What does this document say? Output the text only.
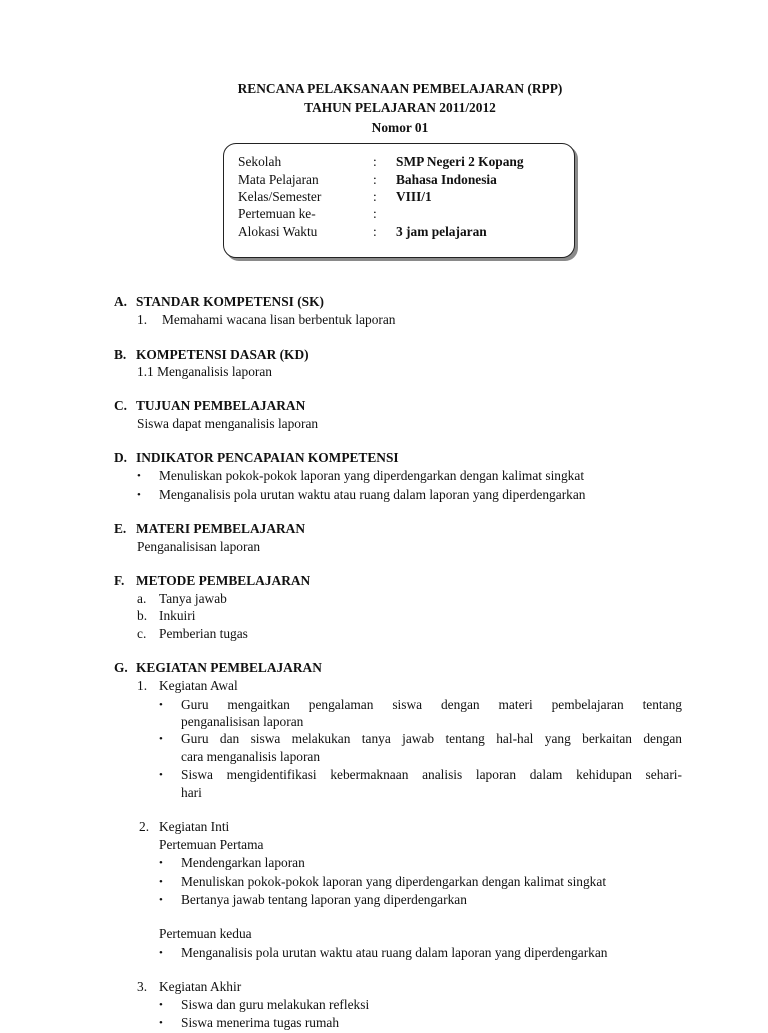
RENCANA PELAKSANAAN PEMBELAJARAN (RPP)
TAHUN PELAJARAN 2011/2012
Nomor 01
Sekolah	: SMP Negeri 2 Kopang
Mata Pelajaran	: Bahasa Indonesia
Kelas/Semester	: VIII/1
Pertemuan ke-	:
Alokasi Waktu	: 3 jam pelajaran
A. STANDAR KOMPETENSI (SK)
1. Memahami wacana lisan berbentuk laporan
B. KOMPETENSI DASAR (KD)
1.1 Menganalisis laporan
C. TUJUAN PEMBELAJARAN
Siswa dapat menganalisis laporan
D. INDIKATOR PENCAPAIAN KOMPETENSI
• Menuliskan pokok-pokok laporan yang diperdengarkan dengan kalimat singkat
• Menganalisis pola urutan waktu atau ruang dalam laporan yang diperdengarkan
E. MATERI PEMBELAJARAN
Penganalisisan laporan
F. METODE PEMBELAJARAN
a. Tanya jawab
b. Inkuiri
c. Pemberian tugas
G. KEGIATAN PEMBELAJARAN
1. Kegiatan Awal
• Guru mengaitkan pengalaman siswa dengan materi pembelajaran tentang
penganalisisan laporan
• Guru dan siswa melakukan tanya jawab tentang hal-hal yang berkaitan dengan
cara menganalisis laporan
• Siswa mengidentifikasi kebermaknaan analisis laporan dalam kehidupan sehari-
hari
2. Kegiatan Inti
Pertemuan Pertama
• Mendengarkan laporan
• Menuliskan pokok-pokok laporan yang diperdengarkan dengan kalimat singkat
• Bertanya jawab tentang laporan yang diperdengarkan
Pertemuan kedua
• Menganalisis pola urutan waktu atau ruang dalam laporan yang diperdengarkan
3. Kegiatan Akhir
• Siswa dan guru melakukan refleksi
• Siswa menerima tugas rumah
